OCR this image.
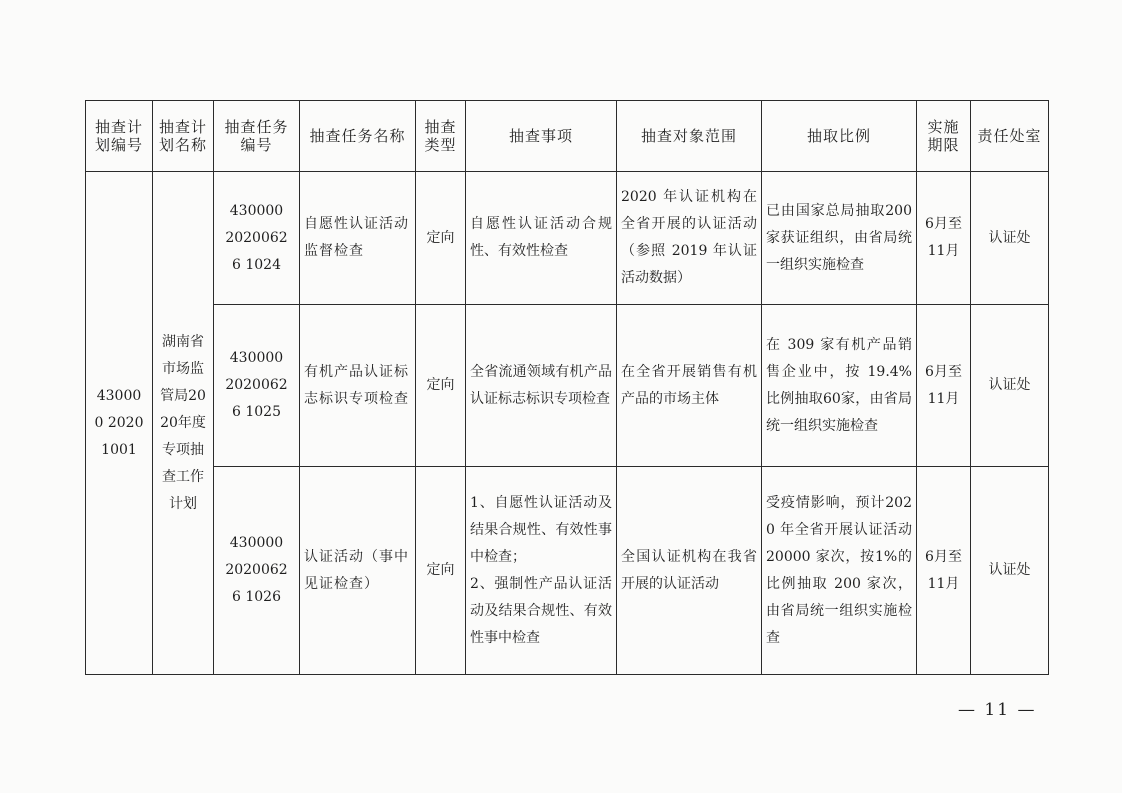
抽查计划编号	抽查计划名称	抽查任务编号	抽查任务名称	抽查类型	抽查事项	抽查对象范围	抽取比例	实施期限	责任处室
430000 2020 1001	湖南省市场监管局2020年度专项抽查工作计划	430000 20200626 1024	自愿性认证活动监督检查	定向	自愿性认证活动合规性、有效性检查	2020 年认证机构在全省开展的认证活动（参照 2019 年认证活动数据）	已由国家总局抽取200家获证组织，由省局统一组织实施检查	6月至11月	认证处
		430000 20200626 1025	有机产品认证标志标识专项检查	定向	全省流通领域有机产品认证标志标识专项检查	在全省开展销售有机产品的市场主体	在 309 家有机产品销售企业中，按 19.4%比例抽取60家，由省局统一组织实施检查	6月至11月	认证处
		430000 20200626 1026	认证活动（事中见证检查）	定向	1、自愿性认证活动及结果合规性、有效性事中检查；
2、强制性产品认证活动及结果合规性、有效性事中检查	全国认证机构在我省开展的认证活动	受疫情影响，预计2020 年全省开展认证活动 20000 家次，按1%的比例抽取 200 家次，由省局统一组织实施检查	6月至11月	认证处
— 11 —
